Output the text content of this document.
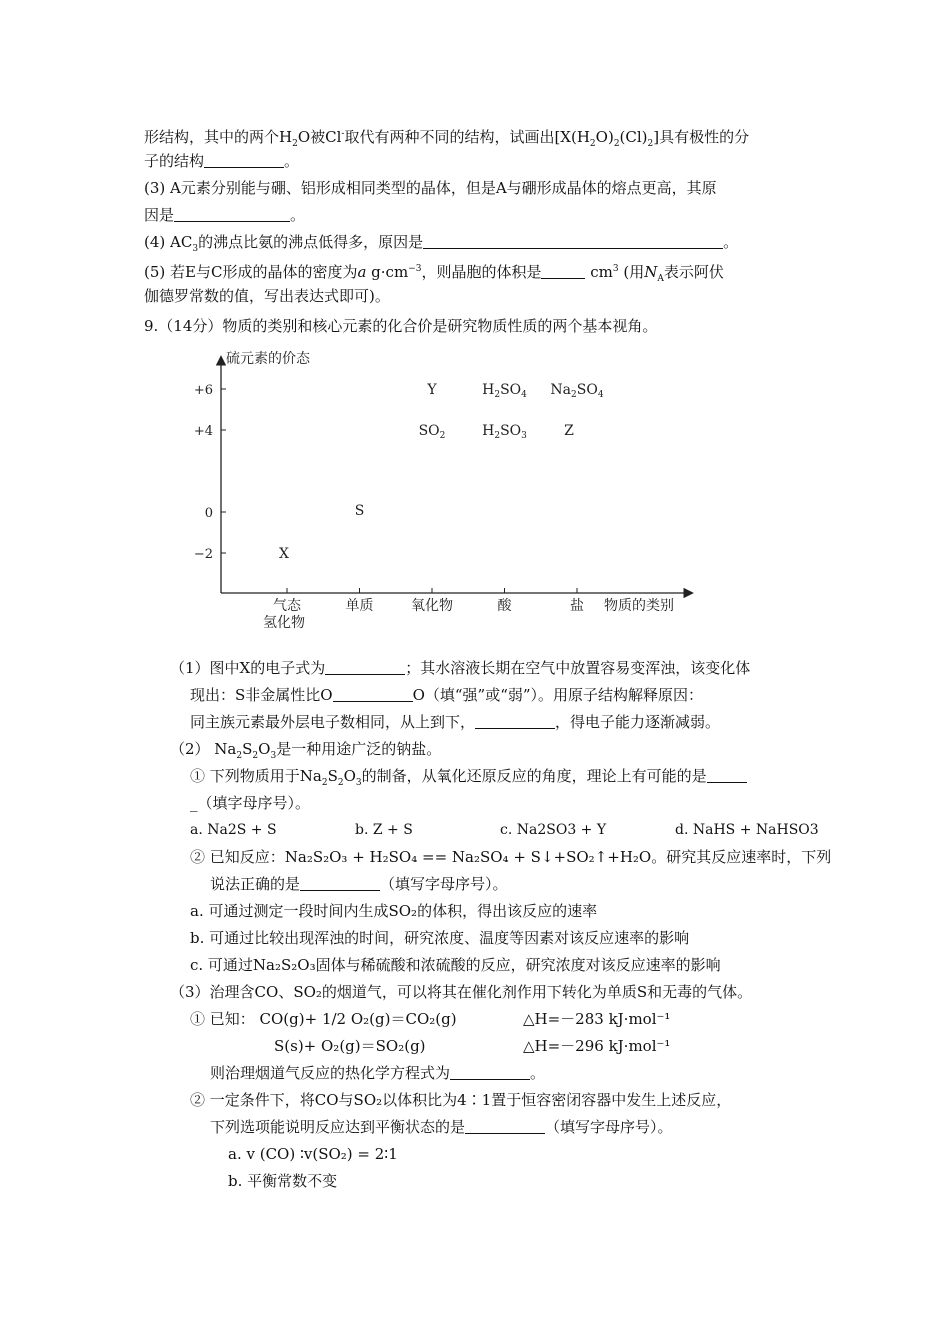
形结构，其中的两个$H_2O$被Cl-取代有两种不同的结构，试画出$[X(H_2O)_2(Cl)_2]$具有极性的分
子的结构	。
(3) A元素分别能与硼、铝形成相同类型的晶体，但是A与硼形成晶体的熔点更高，其原
因是	。
(4) $AC_3$的沸点比氨的沸点低得多，原因是	。
(5) 若E与C形成的晶体的密度为a $g\cdot cm^{-3}$，则晶胞的体积是	$cm^3$ (用$N_A$表示阿伏
伽德罗常数的值，写出表达式即可)。
9.（14分）物质的类别和核心元素的化合价是研究物质性质的两个基本视角。
硫元素的价态
物质的类别
+6
+4
0
−2
气态
氢化物
单质	氧化物	酸	盐
X
S
Y
$SO_2$
$H_2SO_4$
$H_2SO_3$
$Na_2SO_4$
Z
（1）图中X的电子式为	；其水溶液长期在空气中放置容易变浑浊，该变化体
现出：S非金属性比O	O（填“强”或“弱”）。用原子结构解释原因：
同主族元素最外层电子数相同，从上到下，	，得电子能力逐渐减弱。
（2） $Na_2S_2O_3$是一种用途广泛的钠盐。
① 下列物质用于$Na_2S_2O_3$的制备，从氧化还原反应的角度，理论上有可能的是
_（填字母序号）。
a. Na2S + S	b. Z + S	c. Na2SO3 + Y	d. NaHS + NaHSO3
② 已知反应：Na₂S₂O₃ + H₂SO₄ == Na₂SO₄ + S↓+SO₂↑+H₂O。研究其反应速率时，下列
说法正确的是	（填写字母序号）。
a. 可通过测定一段时间内生成SO₂的体积，得出该反应的速率
b. 可通过比较出现浑浊的时间，研究浓度、温度等因素对该反应速率的影响
c. 可通过Na₂S₂O₃固体与稀硫酸和浓硫酸的反应，研究浓度对该反应速率的影响
（3）治理含CO、SO₂的烟道气，可以将其在催化剂作用下转化为单质S和无毒的气体。
① 已知： CO(g)+ 1/2 O₂(g)＝CO₂(g)	△H=－283 kJ·mol⁻¹
S(s)+ O₂(g)＝SO₂(g)	△H=－296 kJ·mol⁻¹
则治理烟道气反应的热化学方程式为	。
② 一定条件下，将CO与SO₂以体积比为4∶1置于恒容密闭容器中发生上述反应，
下列选项能说明反应达到平衡状态的是	（填写字母序号）。
a. v (CO) ∶v(SO₂) = 2∶1
b. 平衡常数不变
